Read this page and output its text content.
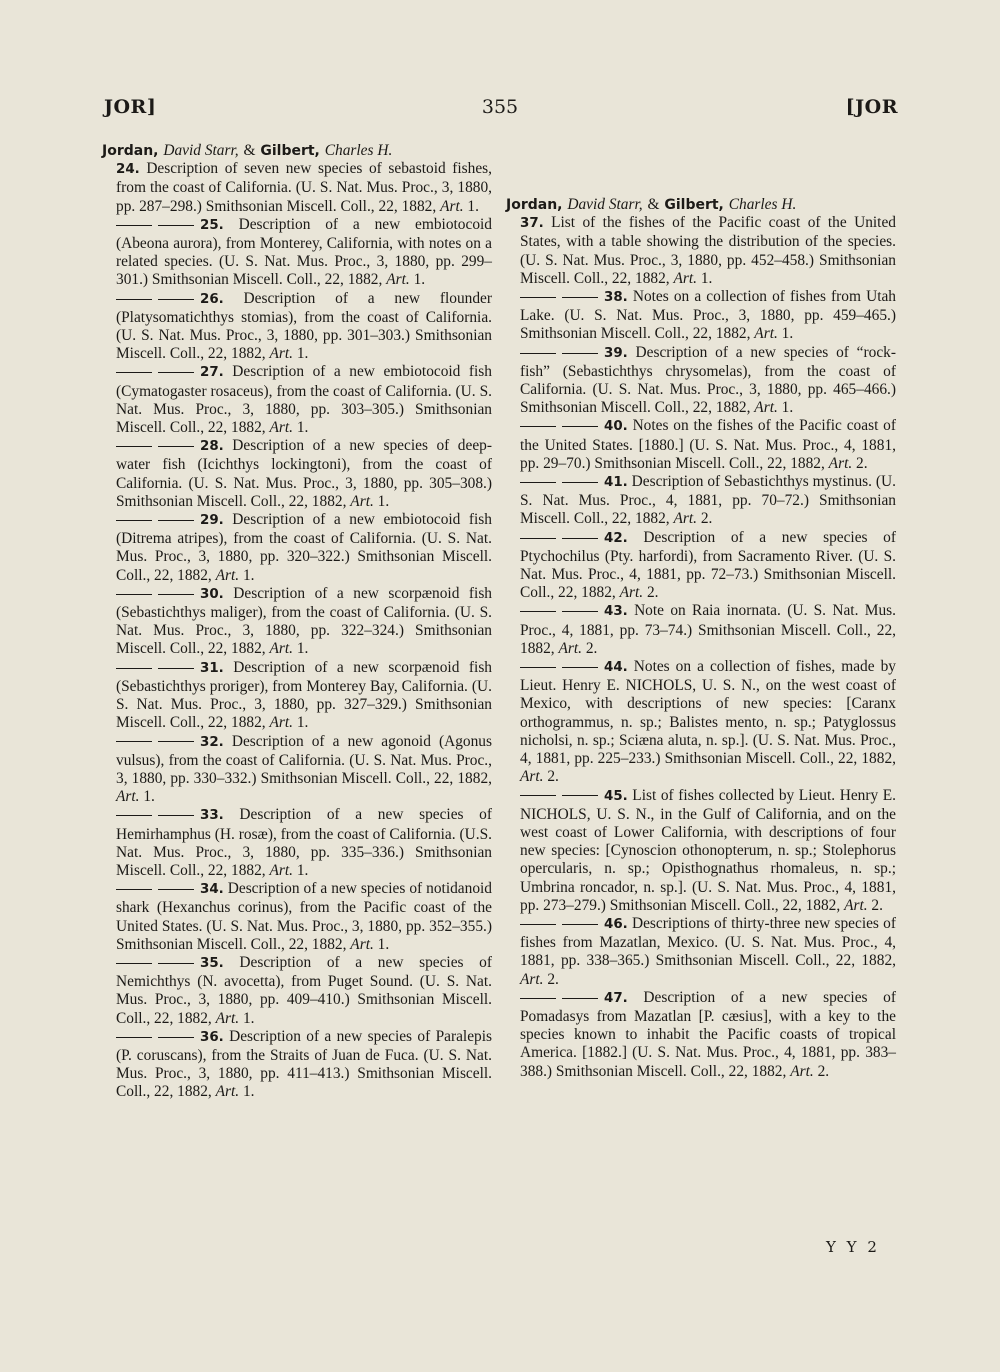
JOR]	355	[JOR
Jordan, David Starr, & Gilbert, Charles H.
24. Description of seven new species of sebastoid fishes, from the coast of California. (U. S. Nat. Mus. Proc., 3, 1880, pp. 287–298.) Smithsonian Miscell. Coll., 22, 1882, Art. 1.
25. Description of a new embiotocoid (Abeona aurora), from Monterey, California, with notes on a related species. (U. S. Nat. Mus. Proc., 3, 1880, pp. 299–301.) Smithsonian Miscell. Coll., 22, 1882, Art. 1.
26. Description of a new flounder (Platysomatichthys stomias), from the coast of California. (U. S. Nat. Mus. Proc., 3, 1880, pp. 301–303.) Smithsonian Miscell. Coll., 22, 1882, Art. 1.
27. Description of a new embiotocoid fish (Cymatogaster rosaceus), from the coast of California. (U. S. Nat. Mus. Proc., 3, 1880, pp. 303–305.) Smithsonian Miscell. Coll., 22, 1882, Art. 1.
28. Description of a new species of deep-water fish (Icichthys lockingtoni), from the coast of California. (U. S. Nat. Mus. Proc., 3, 1880, pp. 305–308.) Smithsonian Miscell. Coll., 22, 1882, Art. 1.
29. Description of a new embiotocoid fish (Ditrema atripes), from the coast of California. (U. S. Nat. Mus. Proc., 3, 1880, pp. 320–322.) Smithsonian Miscell. Coll., 22, 1882, Art. 1.
30. Description of a new scorpænoid fish (Sebastichthys maliger), from the coast of California. (U. S. Nat. Mus. Proc., 3, 1880, pp. 322–324.) Smithsonian Miscell. Coll., 22, 1882, Art. 1.
31. Description of a new scorpænoid fish (Sebastichthys proriger), from Monterey Bay, California. (U. S. Nat. Mus. Proc., 3, 1880, pp. 327–329.) Smithsonian Miscell. Coll., 22, 1882, Art. 1.
32. Description of a new agonoid (Agonus vulsus), from the coast of California. (U. S. Nat. Mus. Proc., 3, 1880, pp. 330–332.) Smithsonian Miscell. Coll., 22, 1882, Art. 1.
33. Description of a new species of Hemirhamphus (H. rosæ), from the coast of California. (U.S. Nat. Mus. Proc., 3, 1880, pp. 335–336.) Smithsonian Miscell. Coll., 22, 1882, Art. 1.
34. Description of a new species of notidanoid shark (Hexanchus corinus), from the Pacific coast of the United States. (U. S. Nat. Mus. Proc., 3, 1880, pp. 352–355.) Smithsonian Miscell. Coll., 22, 1882, Art. 1.
35. Description of a new species of Nemichthys (N. avocetta), from Puget Sound. (U. S. Nat. Mus. Proc., 3, 1880, pp. 409–410.) Smithsonian Miscell. Coll., 22, 1882, Art. 1.
36. Description of a new species of Paralepis (P. coruscans), from the Straits of Juan de Fuca. (U. S. Nat. Mus. Proc., 3, 1880, pp. 411–413.) Smithsonian Miscell. Coll., 22, 1882, Art. 1.
Jordan, David Starr, & Gilbert, Charles H.
37. List of the fishes of the Pacific coast of the United States, with a table showing the distribution of the species. (U. S. Nat. Mus. Proc., 3, 1880, pp. 452–458.) Smithsonian Miscell. Coll., 22, 1882, Art. 1.
38. Notes on a collection of fishes from Utah Lake. (U. S. Nat. Mus. Proc., 3, 1880, pp. 459–465.) Smithsonian Miscell. Coll., 22, 1882, Art. 1.
39. Description of a new species of “rock-fish” (Sebastichthys chrysomelas), from the coast of California. (U. S. Nat. Mus. Proc., 3, 1880, pp. 465–466.) Smithsonian Miscell. Coll., 22, 1882, Art. 1.
40. Notes on the fishes of the Pacific coast of the United States. [1880.] (U. S. Nat. Mus. Proc., 4, 1881, pp. 29–70.) Smithsonian Miscell. Coll., 22, 1882, Art. 2.
41. Description of Sebastichthys mystinus. (U. S. Nat. Mus. Proc., 4, 1881, pp. 70–72.) Smithsonian Miscell. Coll., 22, 1882, Art. 2.
42. Description of a new species of Ptychochilus (Pty. harfordi), from Sacramento River. (U. S. Nat. Mus. Proc., 4, 1881, pp. 72–73.) Smithsonian Miscell. Coll., 22, 1882, Art. 2.
43. Note on Raia inornata. (U. S. Nat. Mus. Proc., 4, 1881, pp. 73–74.) Smithsonian Miscell. Coll., 22, 1882, Art. 2.
44. Notes on a collection of fishes, made by Lieut. Henry E. NICHOLS, U. S. N., on the west coast of Mexico, with descriptions of new species: [Caranx orthogrammus, n. sp.; Balistes mento, n. sp.; Patyglossus nicholsi, n. sp.; Sciæna aluta, n. sp.]. (U. S. Nat. Mus. Proc., 4, 1881, pp. 225–233.) Smithsonian Miscell. Coll., 22, 1882, Art. 2.
45. List of fishes collected by Lieut. Henry E. NICHOLS, U. S. N., in the Gulf of California, and on the west coast of Lower California, with descriptions of four new species: [Cynoscion othonopterum, n. sp.; Stolephorus opercularis, n. sp.; Opisthognathus rhomaleus, n. sp.; Umbrina roncador, n. sp.]. (U. S. Nat. Mus. Proc., 4, 1881, pp. 273–279.) Smithsonian Miscell. Coll., 22, 1882, Art. 2.
46. Descriptions of thirty-three new species of fishes from Mazatlan, Mexico. (U. S. Nat. Mus. Proc., 4, 1881, pp. 338–365.) Smithsonian Miscell. Coll., 22, 1882, Art. 2.
47. Description of a new species of Pomadasys from Mazatlan [P. cæsius], with a key to the species known to inhabit the Pacific coasts of tropical America. [1882.] (U. S. Nat. Mus. Proc., 4, 1881, pp. 383–388.) Smithsonian Miscell. Coll., 22, 1882, Art. 2.
Y Y 2
